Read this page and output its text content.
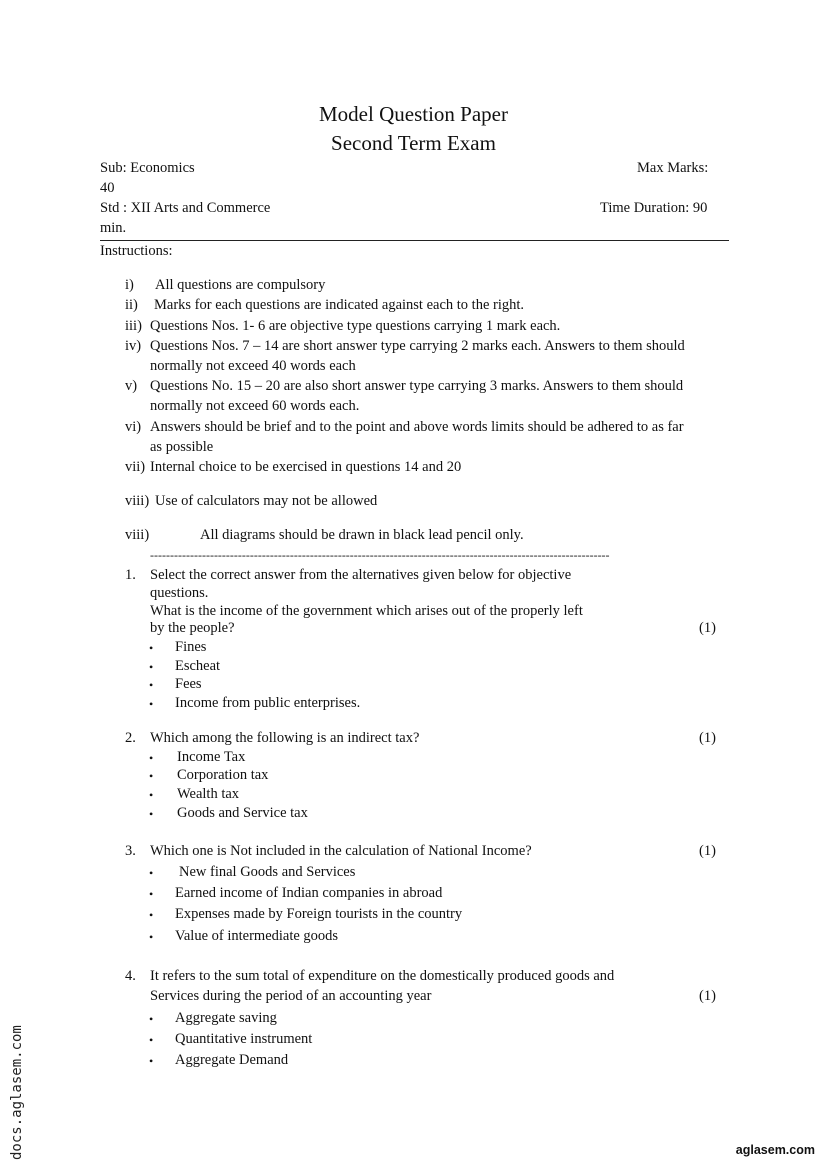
Model Question Paper
Second Term Exam
Sub: Economics	Max Marks:
40
Std : XII Arts and Commerce	Time Duration: 90
min.
Instructions:
i) All questions are compulsory
ii) Marks for each questions are indicated against each to the right.
iii) Questions Nos. 1- 6 are objective type questions carrying 1 mark each.
iv) Questions Nos. 7 – 14 are short answer type carrying 2 marks each. Answers to them should
normally not exceed 40 words each
v) Questions No. 15 – 20 are also short answer type carrying 3 marks. Answers to them should
normally not exceed 60 words each.
vi) Answers should be brief and to the point and above words limits should be adhered to as far
as possible
vii) Internal choice to be exercised in questions 14 and 20
viii) Use of calculators may not be allowed
viii)	All diagrams should be drawn in black lead pencil only.
-------------------------------------------------------------------------------------------------------------------
1. Select the correct answer from the alternatives given below for objective
questions.
What is the income of the government which arises out of the properly left
by the people?	(1)
• Fines
• Escheat
• Fees
• Income from public enterprises.
2. Which among the following is an indirect tax?	(1)
• Income Tax
• Corporation tax
• Wealth tax
• Goods and Service tax
3. Which one is Not included in the calculation of National Income?	(1)
• New final Goods and Services
• Earned income of Indian companies in abroad
• Expenses made by Foreign tourists in the country
• Value of intermediate goods
4. It refers to the sum total of expenditure on the domestically produced goods and
Services during the period of an accounting year	(1)
• Aggregate saving
• Quantitative instrument
• Aggregate Demand
docs.aglasem.com	aglasem.com
